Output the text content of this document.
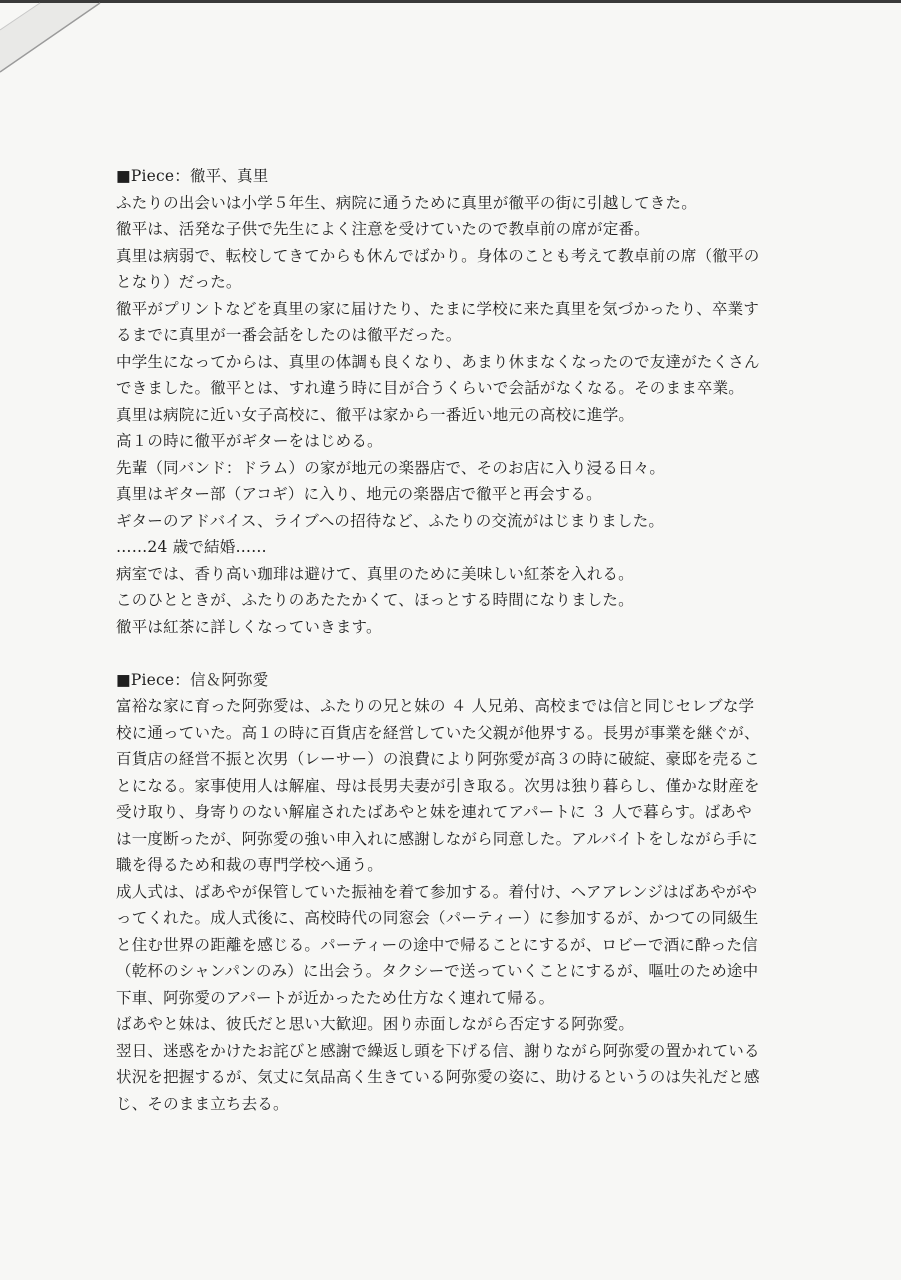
■Piece：徹平、真里
ふたりの出会いは小学５年生、病院に通うために真里が徹平の街に引越してきた。
徹平は、活発な子供で先生によく注意を受けていたので教卓前の席が定番。
真里は病弱で、転校してきてからも休んでばかり。身体のことも考えて教卓前の席（徹平の
となり）だった。
徹平がプリントなどを真里の家に届けたり、たまに学校に来た真里を気づかったり、卒業す
るまでに真里が一番会話をしたのは徹平だった。
中学生になってからは、真里の体調も良くなり、あまり休まなくなったので友達がたくさん
できました。徹平とは、すれ違う時に目が合うくらいで会話がなくなる。そのまま卒業。
真里は病院に近い女子高校に、徹平は家から一番近い地元の高校に進学。
高１の時に徹平がギターをはじめる。
先輩（同バンド：ドラム）の家が地元の楽器店で、そのお店に入り浸る日々。
真里はギター部（アコギ）に入り、地元の楽器店で徹平と再会する。
ギターのアドバイス、ライブへの招待など、ふたりの交流がはじまりました。
……24 歳で結婚……
病室では、香り高い珈琲は避けて、真里のために美味しい紅茶を入れる。
このひとときが、ふたりのあたたかくて、ほっとする時間になりました。
徹平は紅茶に詳しくなっていきます。
■Piece：信＆阿弥愛
富裕な家に育った阿弥愛は、ふたりの兄と妹の ４ 人兄弟、高校までは信と同じセレブな学
校に通っていた。高１の時に百貨店を経営していた父親が他界する。長男が事業を継ぐが、
百貨店の経営不振と次男（レーサー）の浪費により阿弥愛が高３の時に破綻、豪邸を売るこ
とになる。家事使用人は解雇、母は長男夫妻が引き取る。次男は独り暮らし、僅かな財産を
受け取り、身寄りのない解雇されたばあやと妹を連れてアパートに ３ 人で暮らす。ばあや
は一度断ったが、阿弥愛の強い申入れに感謝しながら同意した。アルバイトをしながら手に
職を得るため和裁の専門学校へ通う。
成人式は、ばあやが保管していた振袖を着て参加する。着付け、ヘアアレンジはばあやがや
ってくれた。成人式後に、高校時代の同窓会（パーティー）に参加するが、かつての同級生
と住む世界の距離を感じる。パーティーの途中で帰ることにするが、ロビーで酒に酔った信
（乾杯のシャンパンのみ）に出会う。タクシーで送っていくことにするが、嘔吐のため途中
下車、阿弥愛のアパートが近かったため仕方なく連れて帰る。
ばあやと妹は、彼氏だと思い大歓迎。困り赤面しながら否定する阿弥愛。
翌日、迷惑をかけたお詫びと感謝で繰返し頭を下げる信、謝りながら阿弥愛の置かれている
状況を把握するが、気丈に気品高く生きている阿弥愛の姿に、助けるというのは失礼だと感
じ、そのまま立ち去る。
